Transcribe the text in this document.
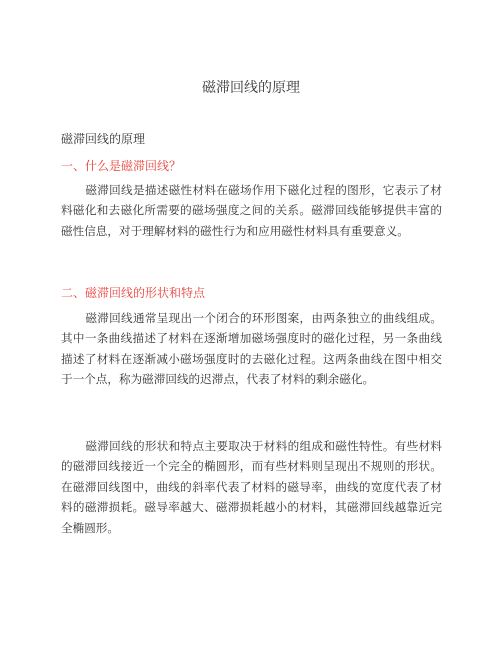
磁滞回线的原理

磁滞回线的原理

一、什么是磁滞回线？

磁滞回线是描述磁性材料在磁场作用下磁化过程的图形，它表示了材料磁化和去磁化所需要的磁场强度之间的关系。磁滞回线能够提供丰富的磁性信息，对于理解材料的磁性行为和应用磁性材料具有重要意义。

二、磁滞回线的形状和特点

磁滞回线通常呈现出一个闭合的环形图案，由两条独立的曲线组成。其中一条曲线描述了材料在逐渐增加磁场强度时的磁化过程，另一条曲线描述了材料在逐渐减小磁场强度时的去磁化过程。这两条曲线在图中相交于一个点，称为磁滞回线的迟滞点，代表了材料的剩余磁化。

磁滞回线的形状和特点主要取决于材料的组成和磁性特性。有些材料的磁滞回线接近一个完全的椭圆形，而有些材料则呈现出不规则的形状。在磁滞回线图中，曲线的斜率代表了材料的磁导率，曲线的宽度代表了材料的磁滞损耗。磁导率越大、磁滞损耗越小的材料，其磁滞回线越靠近完全椭圆形。
